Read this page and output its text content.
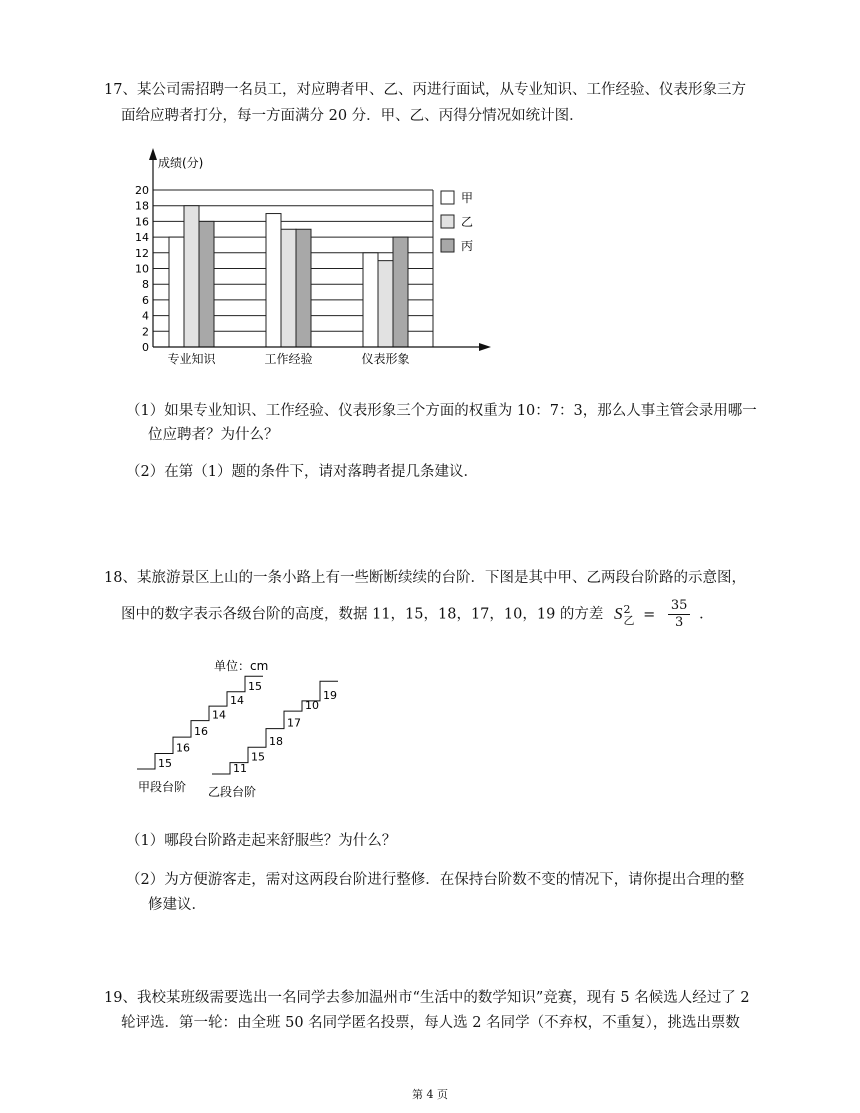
17、某公司需招聘一名员工，对应聘者甲、乙、丙进行面试，从专业知识、工作经验、仪表形象三方
面给应聘者打分，每一方面满分 20 分．甲、乙、丙得分情况如统计图．
成绩(分)
0
2
4
6
8
10
12
14
16
18
20
专业知识	工作经验	仪表形象
甲
乙
丙
（1）如果专业知识、工作经验、仪表形象三个方面的权重为 10：7：3，那么人事主管会录用哪一
位应聘者？为什么？
（2）在第（1）题的条件下，请对落聘者提几条建议．
18、某旅游景区上山的一条小路上有一些断断续续的台阶．下图是其中甲、乙两段台阶路的示意图，
图中的数字表示各级台阶的高度，数据 11，15，18，17，10，19 的方差 S 2
乙 = $\frac{35}{3}$ ．
单位：cm
15
16
16
14
14
15
11
15
18
17
10
19
甲段台阶 乙段台阶
（1）哪段台阶路走起来舒服些？为什么？
（2）为方便游客走，需对这两段台阶进行整修．在保持台阶数不变的情况下，请你提出合理的整
修建议．
19、我校某班级需要选出一名同学去参加温州市“生活中的数学知识”竞赛，现有 5 名候选人经过了 2
轮评选．第一轮：由全班 50 名同学匿名投票，每人选 2 名同学（不弃权，不重复），挑选出票数
第 4 页
